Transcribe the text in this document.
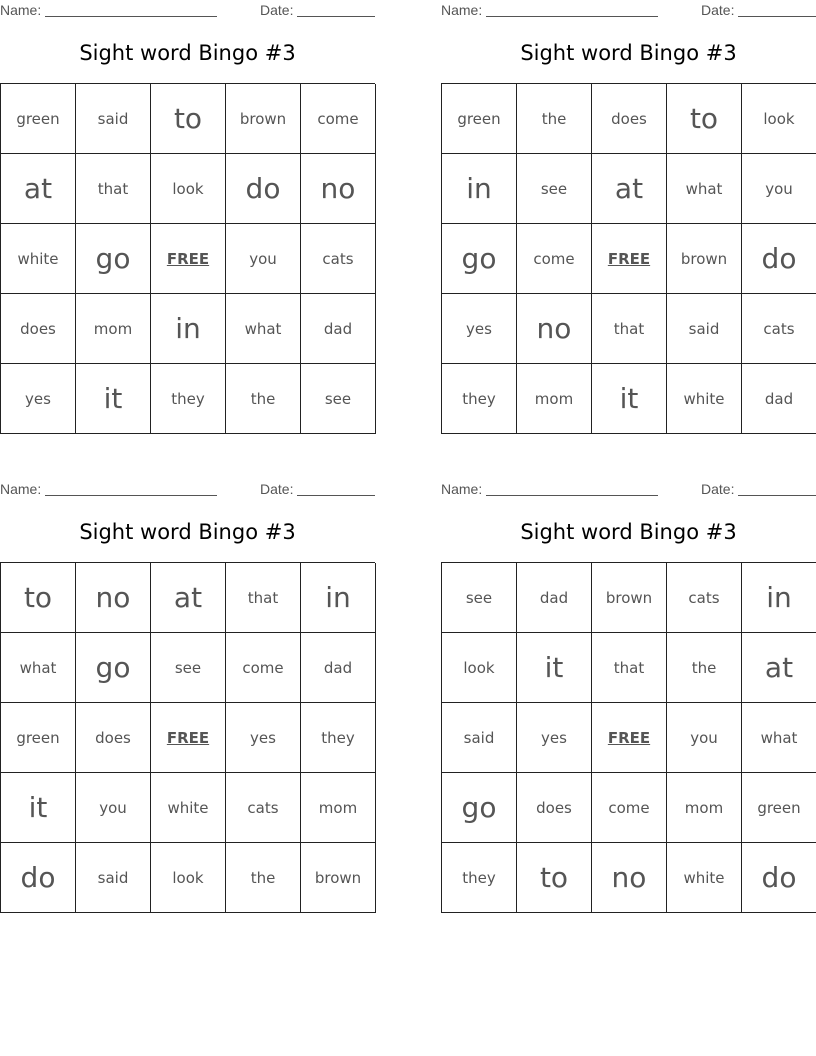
Name:	Date:
Sight word Bingo #3
green	said	to	brown	come
at	that	look	do	no
white	go	FREE	you	cats
does	mom	in	what	dad
yes	it	they	the	see
Name:	Date:
Sight word Bingo #3
green	the	does	to	look
in	see	at	what	you
go	come	FREE	brown	do
yes	no	that	said	cats
they	mom	it	white	dad
Name:	Date:
Sight word Bingo #3
to	no	at	that	in
what	go	see	come	dad
green	does	FREE	yes	they
it	you	white	cats	mom
do	said	look	the	brown
Name:	Date:
Sight word Bingo #3
see	dad	brown	cats	in
look	it	that	the	at
said	yes	FREE	you	what
go	does	come	mom	green
they	to	no	white	do
